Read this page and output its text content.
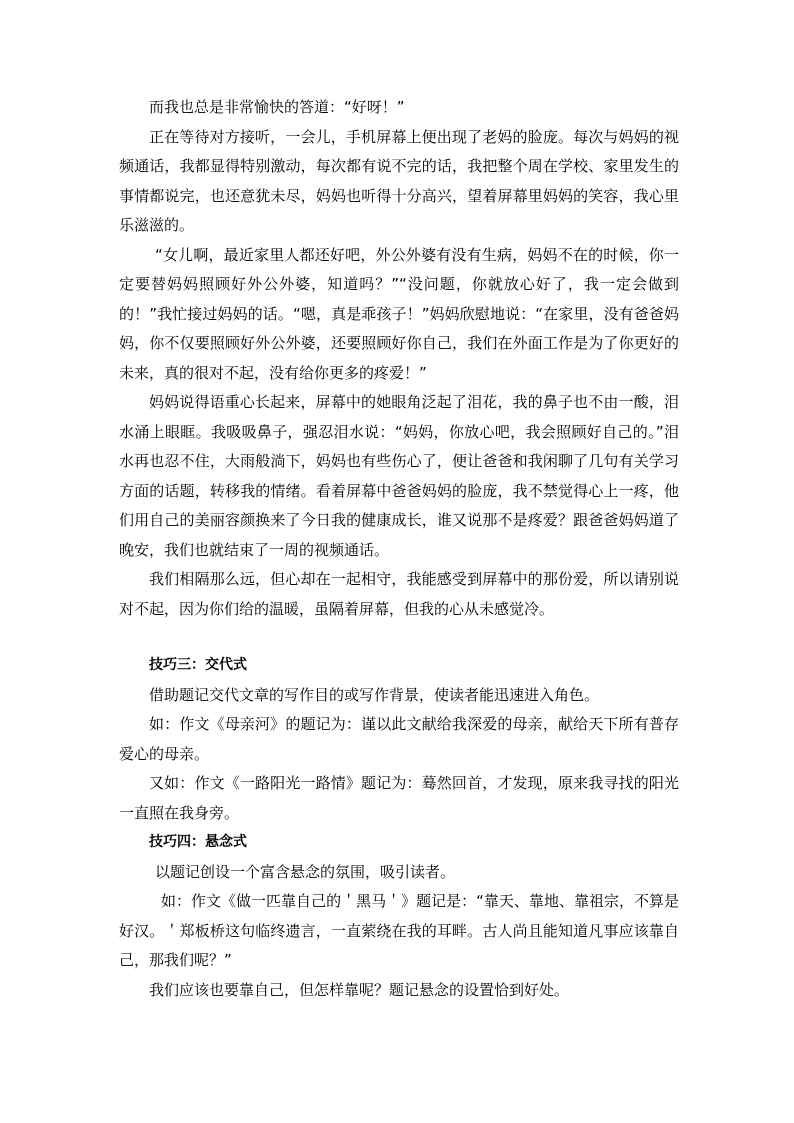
而我也总是非常愉快的答道：“好呀！”

正在等待对方接听，一会儿，手机屏幕上便出现了老妈的脸庞。每次与妈妈的视频通话，我都显得特别激动，每次都有说不完的话，我把整个周在学校、家里发生的事情都说完，也还意犹未尽，妈妈也听得十分高兴，望着屏幕里妈妈的笑容，我心里乐滋滋的。

“女儿啊，最近家里人都还好吧，外公外婆有没有生病，妈妈不在的时候，你一定要替妈妈照顾好外公外婆，知道吗？”“没问题，你就放心好了，我一定会做到的！”我忙接过妈妈的话。“嗯，真是乖孩子！”妈妈欣慰地说：“在家里，没有爸爸妈妈，你不仅要照顾好外公外婆，还要照顾好你自己，我们在外面工作是为了你更好的未来，真的很对不起，没有给你更多的疼爱！”

妈妈说得语重心长起来，屏幕中的她眼角泛起了泪花，我的鼻子也不由一酸，泪水涌上眼眶。我吸吸鼻子，强忍泪水说：“妈妈，你放心吧，我会照顾好自己的。”泪水再也忍不住，大雨般淌下，妈妈也有些伤心了，便让爸爸和我闲聊了几句有关学习方面的话题，转移我的情绪。看着屏幕中爸爸妈妈的脸庞，我不禁觉得心上一疼，他们用自己的美丽容颜换来了今日我的健康成长，谁又说那不是疼爱？跟爸爸妈妈道了晚安，我们也就结束了一周的视频通话。

我们相隔那么远，但心却在一起相守，我能感受到屏幕中的那份爱，所以请别说对不起，因为你们给的温暖，虽隔着屏幕，但我的心从未感觉冷。

技巧三：交代式

借助题记交代文章的写作目的或写作背景，使读者能迅速进入角色。

如：作文《母亲河》的题记为：谨以此文献给我深爱的母亲，献给天下所有普存爱心的母亲。

又如：作文《一路阳光一路情》题记为：蓦然回首，才发现，原来我寻找的阳光一直照在我身旁。

技巧四：悬念式

以题记创设一个富含悬念的氛围，吸引读者。

如：作文《做一匹靠自己的＇黑马＇》题记是：“靠天、靠地、靠祖宗，不算是好汉。＇郑板桥这句临终遗言，一直萦绕在我的耳畔。古人尚且能知道凡事应该靠自己，那我们呢？”

我们应该也要靠自己，但怎样靠呢？题记悬念的设置恰到好处。
